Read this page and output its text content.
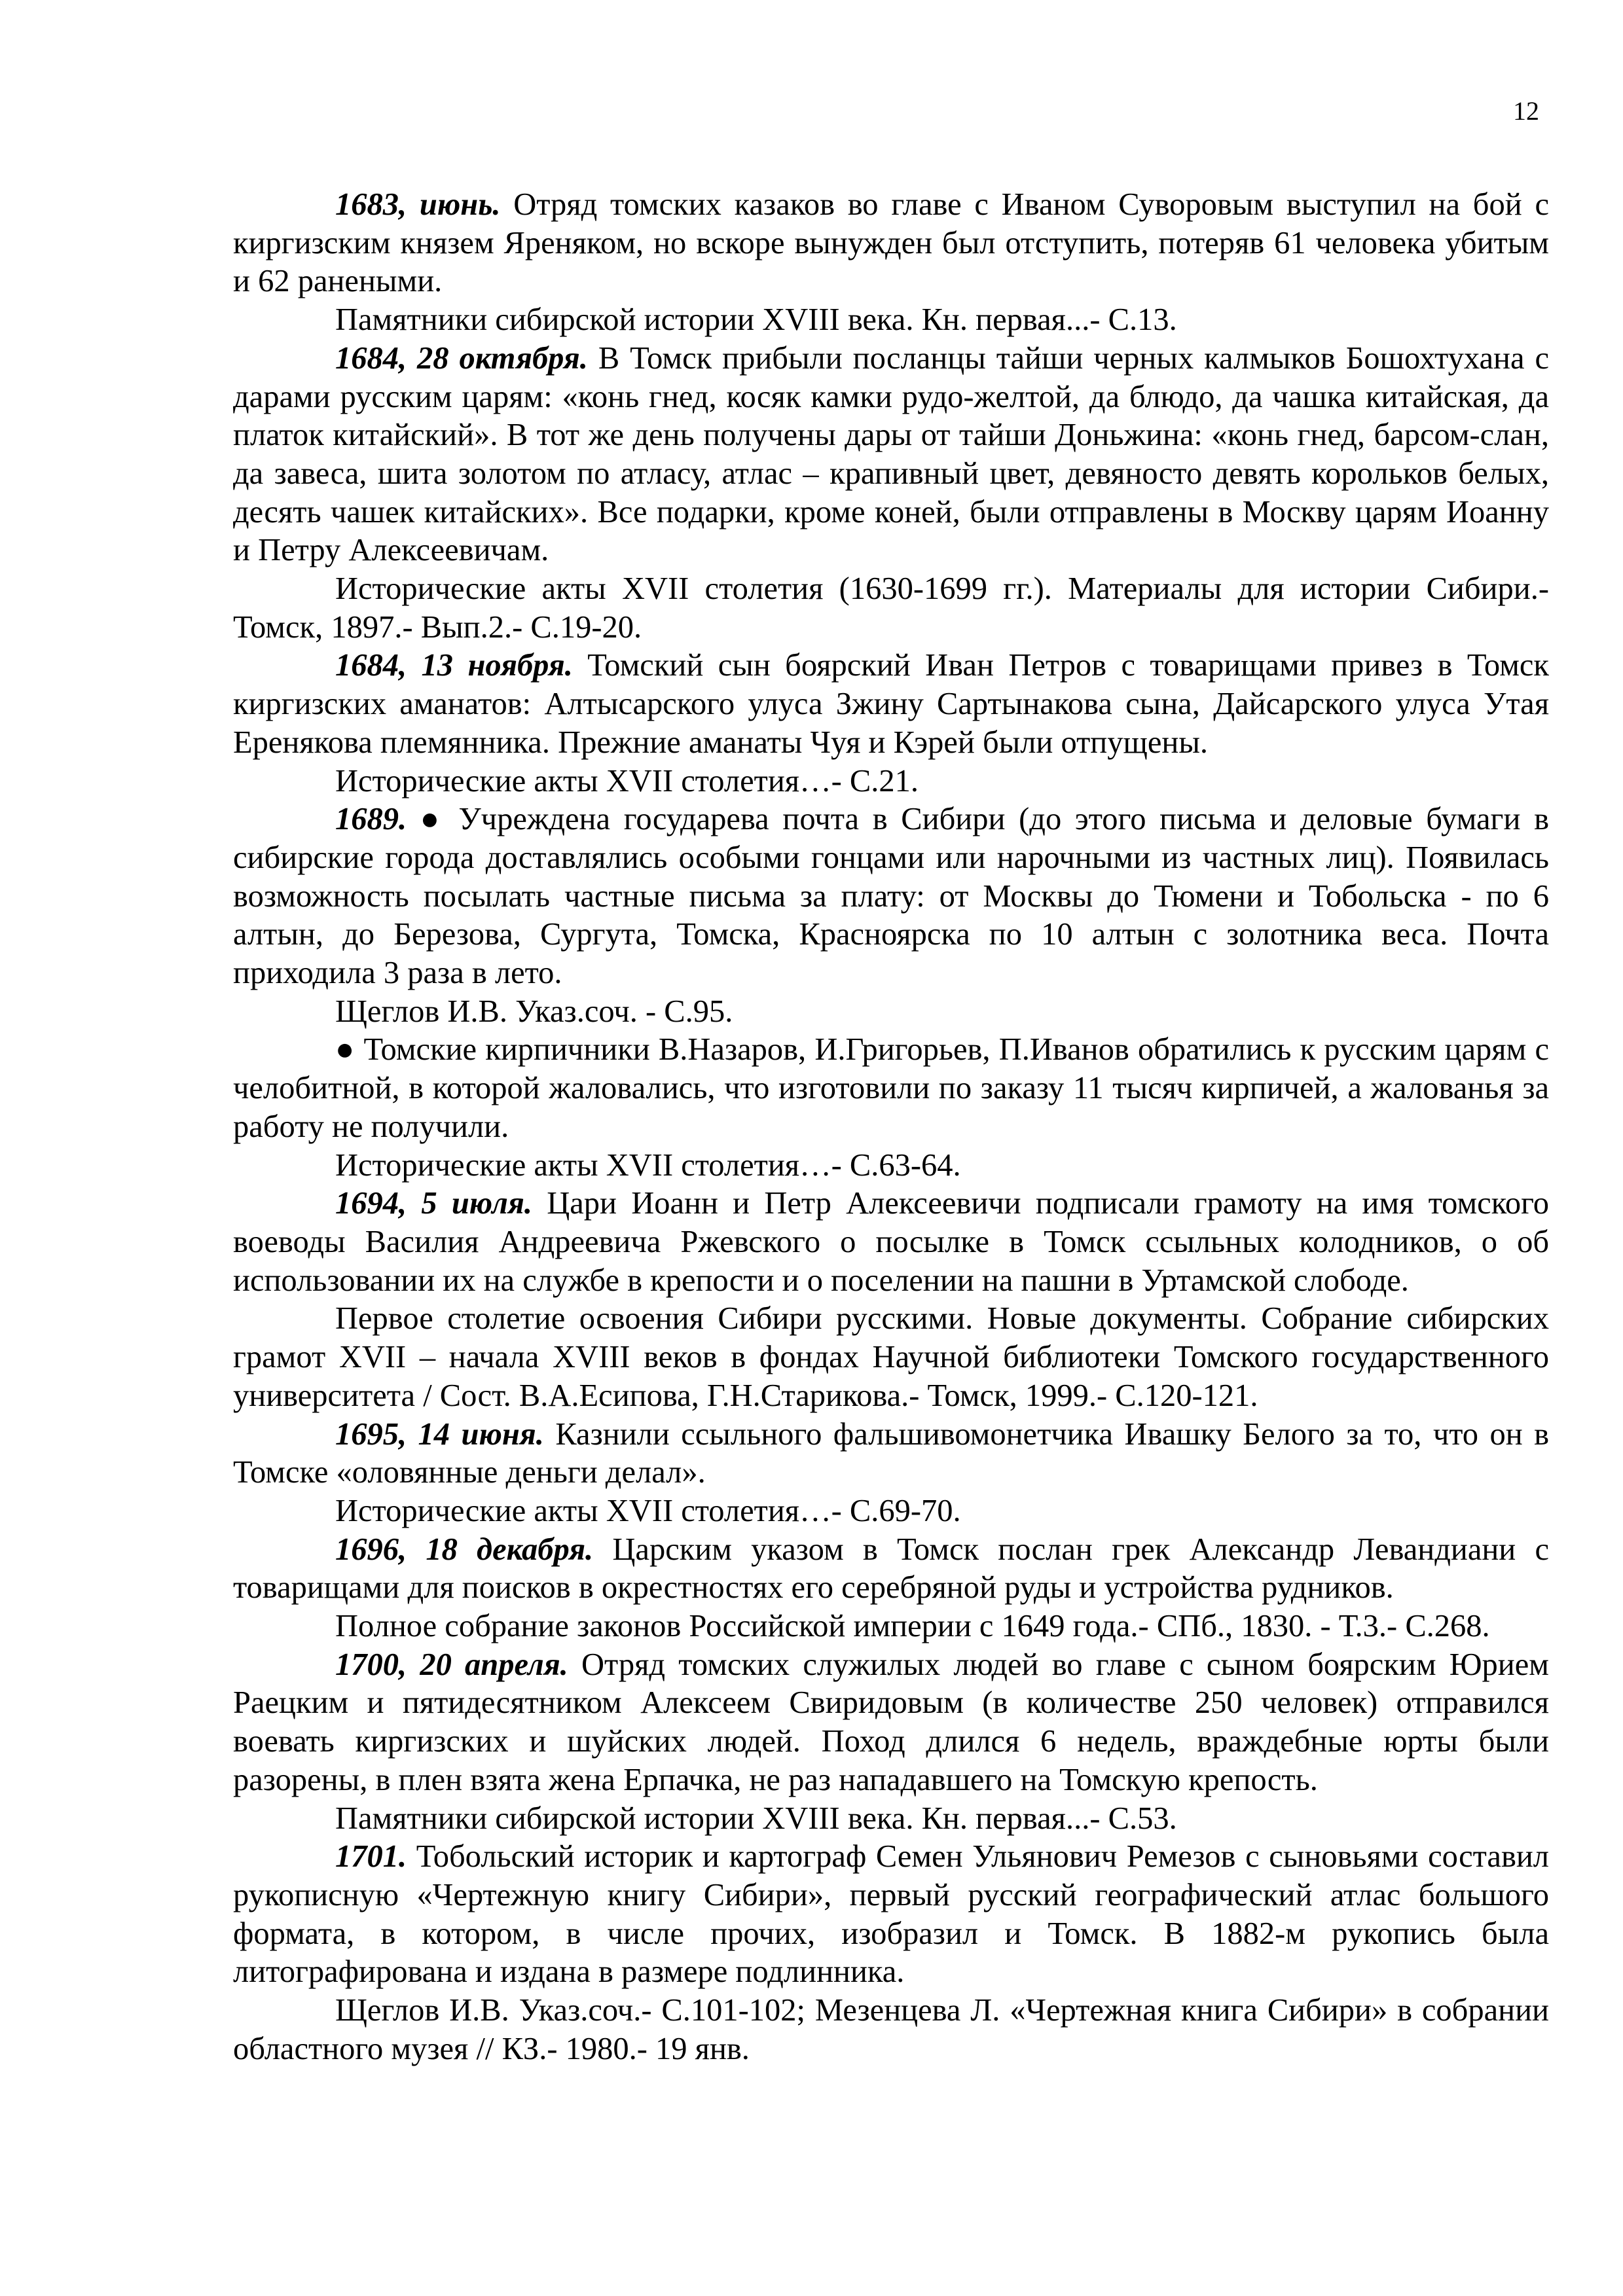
12

1683, июнь. Отряд томских казаков во главе с Иваном Суворовым выступил на бой с киргизским князем Яреняком, но вскоре вынужден был отступить, потеряв 61 человека убитым и 62 ранеными.

Памятники сибирской истории XVIII века. Кн. первая...- С.13.

1684, 28 октября. В Томск прибыли посланцы тайши черных калмыков Бошохтухана с дарами русским царям: «конь гнед, косяк камки рудо-желтой, да блюдо, да чашка китайская, да платок китайский». В тот же день получены дары от тайши Доньжина: «конь гнед, барсом-слан, да завеса, шита золотом по атласу, атлас – крапивный цвет, девяносто девять корольков белых, десять чашек китайских». Все подарки, кроме коней, были отправлены в Москву царям Иоанну и Петру Алексеевичам.

Исторические акты XVII столетия (1630-1699 гг.). Материалы для истории Сибири.- Томск, 1897.- Вып.2.- С.19-20.

1684, 13 ноября. Томский сын боярский Иван Петров с товарищами привез в Томск киргизских аманатов: Алтысарского улуса Зжину Сартынакова сына, Дайсарского улуса Утая Еренякова племянника. Прежние аманаты Чуя и Кэрей были отпущены.

Исторические акты XVII столетия…- С.21.

1689. ● Учреждена государева почта в Сибири (до этого письма и деловые бумаги в сибирские города доставлялись особыми гонцами или нарочными из частных лиц). Появилась возможность посылать частные письма за плату: от Москвы до Тюмени и Тобольска - по 6 алтын, до Березова, Сургута, Томска, Красноярска по 10 алтын с золотника веса. Почта приходила 3 раза в лето.

Щеглов И.В. Указ.соч. - С.95.

● Томские кирпичники В.Назаров, И.Григорьев, П.Иванов обратились к русским царям с челобитной, в которой жаловались, что изготовили по заказу 11 тысяч кирпичей, а жалованья за работу не получили.

Исторические акты XVII столетия…- С.63-64.

1694, 5 июля. Цари Иоанн и Петр Алексеевичи подписали грамоту на имя томского воеводы Василия Андреевича Ржевского о посылке в Томск ссыльных колодников, о об использовании их на службе в крепости и о поселении на пашни в Уртамской слободе.

Первое столетие освоения Сибири русскими. Новые документы. Собрание сибирских грамот XVII – начала XVIII веков в фондах Научной библиотеки Томского государственного университета / Сост. В.А.Есипова, Г.Н.Старикова.- Томск, 1999.- С.120-121.

1695, 14 июня. Казнили ссыльного фальшивомонетчика Ивашку Белого за то, что он в Томске «оловянные деньги делал».

Исторические акты XVII столетия…- С.69-70.

1696, 18 декабря. Царским указом в Томск послан грек Александр Левандиани с товарищами для поисков в окрестностях его серебряной руды и устройства рудников.

Полное собрание законов Российской империи с 1649 года.- СПб., 1830. - Т.3.- С.268.

1700, 20 апреля. Отряд томских служилых людей во главе с сыном боярским Юрием Раецким и пятидесятником Алексеем Свиридовым (в количестве 250 человек) отправился воевать киргизских и шуйских людей. Поход длился 6 недель, враждебные юрты были разорены, в плен взята жена Ерпачка, не раз нападавшего на Томскую крепость.

Памятники сибирской истории XVIII века. Кн. первая...- С.53.

1701. Тобольский историк и картограф Семен Ульянович Ремезов с сыновьями составил рукописную «Чертежную книгу Сибири», первый русский географический атлас большого формата, в котором, в числе прочих, изобразил и Томск. В 1882-м рукопись была литографирована и издана в размере подлинника.

Щеглов И.В. Указ.соч.- С.101-102; Мезенцева Л. «Чертежная книга Сибири» в собрании областного музея // КЗ.- 1980.- 19 янв.
